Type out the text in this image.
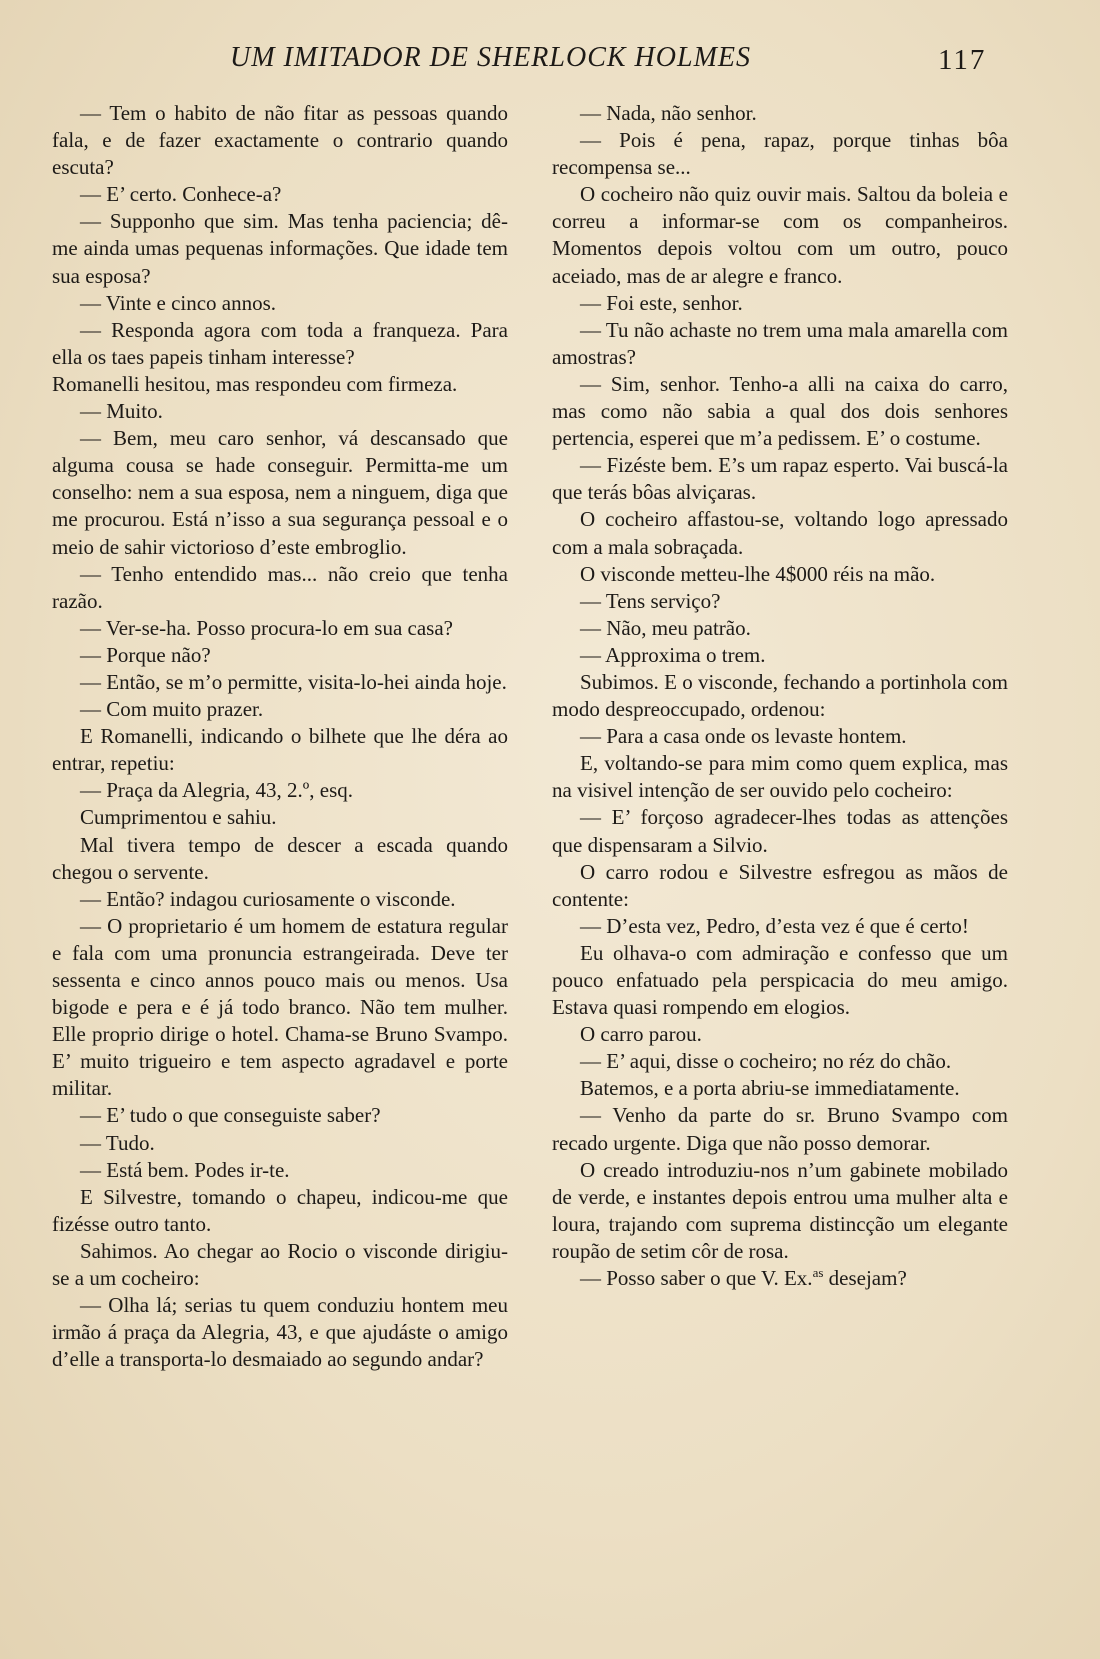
UM IMITADOR DE SHERLOCK HOLMES	117

— Tem o habito de não fitar as pessoas quando fala, e de fazer exactamente o contrario quando escuta?

— E’ certo. Conhece-a?

— Supponho que sim. Mas tenha paciencia; dê-me ainda umas pequenas informações. Que idade tem sua esposa?

— Vinte e cinco annos.

— Responda agora com toda a franqueza. Para ella os taes papeis tinham interesse?

Romanelli hesitou, mas respondeu com firmeza.

— Muito.

— Bem, meu caro senhor, vá descansado que alguma cousa se hade conseguir. Permitta-me um conselho: nem a sua esposa, nem a ninguem, diga que me procurou. Está n’isso a sua segurança pessoal e o meio de sahir victorioso d’este embroglio.

— Tenho entendido mas... não creio que tenha razão.

— Ver-se-ha. Posso procura-lo em sua casa?

— Porque não?

— Então, se m’o permitte, visita-lo-hei ainda hoje.

— Com muito prazer.

E Romanelli, indicando o bilhete que lhe déra ao entrar, repetiu:

— Praça da Alegria, 43, 2.º, esq.

Cumprimentou e sahiu.

Mal tivera tempo de descer a escada quando chegou o servente.

— Então? indagou curiosamente o visconde.

— O proprietario é um homem de estatura regular e fala com uma pronuncia estrangeirada. Deve ter sessenta e cinco annos pouco mais ou menos. Usa bigode e pera e é já todo branco. Não tem mulher. Elle proprio dirige o hotel. Chama-se Bruno Svampo. E’ muito trigueiro e tem aspecto agradavel e porte militar.

— E’ tudo o que conseguiste saber?

— Tudo.

— Está bem. Podes ir-te.

E Silvestre, tomando o chapeu, indicou-me que fizésse outro tanto.

Sahimos. Ao chegar ao Rocio o visconde dirigiu-se a um cocheiro:

— Olha lá; serias tu quem conduziu hontem meu irmão á praça da Alegria, 43, e que ajudáste o amigo d’elle a transporta-lo desmaiado ao segundo andar?

— Nada, não senhor.

— Pois é pena, rapaz, porque tinhas bôa recompensa se...

O cocheiro não quiz ouvir mais. Saltou da boleia e correu a informar-se com os companheiros. Momentos depois voltou com um outro, pouco aceiado, mas de ar alegre e franco.

— Foi este, senhor.

— Tu não achaste no trem uma mala amarella com amostras?

— Sim, senhor. Tenho-a alli na caixa do carro, mas como não sabia a qual dos dois senhores pertencia, esperei que m’a pedissem. E’ o costume.

— Fizéste bem. E’s um rapaz esperto. Vai buscá-la que terás bôas alviçaras.

O cocheiro affastou-se, voltando logo apressado com a mala sobraçada.

O visconde metteu-lhe 4$000 réis na mão.

— Tens serviço?

— Não, meu patrão.

— Approxima o trem.

Subimos. E o visconde, fechando a portinhola com modo despreoccupado, ordenou:

— Para a casa onde os levaste hontem.

E, voltando-se para mim como quem explica, mas na visivel intenção de ser ouvido pelo cocheiro:

— E’ forçoso agradecer-lhes todas as attenções que dispensaram a Silvio.

O carro rodou e Silvestre esfregou as mãos de contente:

— D’esta vez, Pedro, d’esta vez é que é certo!

Eu olhava-o com admiração e confesso que um pouco enfatuado pela perspicacia do meu amigo. Estava quasi rompendo em elogios.

O carro parou.

— E’ aqui, disse o cocheiro; no réz do chão.

Batemos, e a porta abriu-se immediatamente.

— Venho da parte do sr. Bruno Svampo com recado urgente. Diga que não posso demorar.

O creado introduziu-nos n’um gabinete mobilado de verde, e instantes depois entrou uma mulher alta e loura, trajando com suprema distincção um elegante roupão de setim côr de rosa.

— Posso saber o que V. Ex.$^{as}$ desejam?
